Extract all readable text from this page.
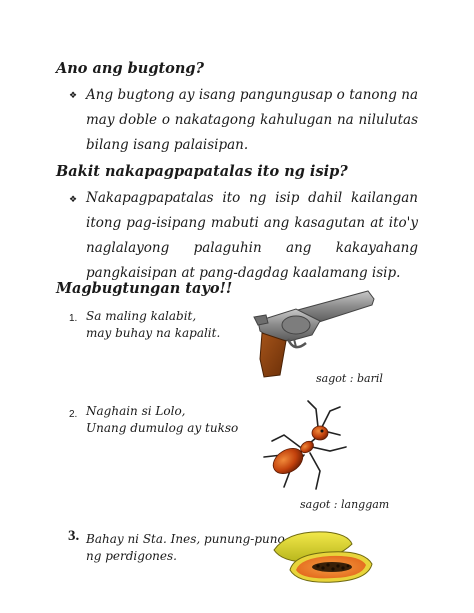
Ano ang bugtong?
❖ Ang bugtong ay isang pangungusap o tanong na may doble o nakatagong kahulugan na nilulutas bilang isang palaisipan.
Bakit nakapagpapatalas ito ng isip?
❖ Nakapagpapatalas ito ng isip dahil kailangan itong pag-isipang mabuti ang kasagutan at ito'y naglalayong palaguhin ang kakayahang pangkaisipan at pang-dagdag kaalamang isip.
Magbugtungan tayo!!
1. Sa maling kalabit,
may buhay na kapalit.
sagot : baril
2. Naghain si Lolo,
Unang dumulog ay tukso
sagot : langgam
3. Bahay ni Sta. Ines, punung-puno
ng perdigones.
